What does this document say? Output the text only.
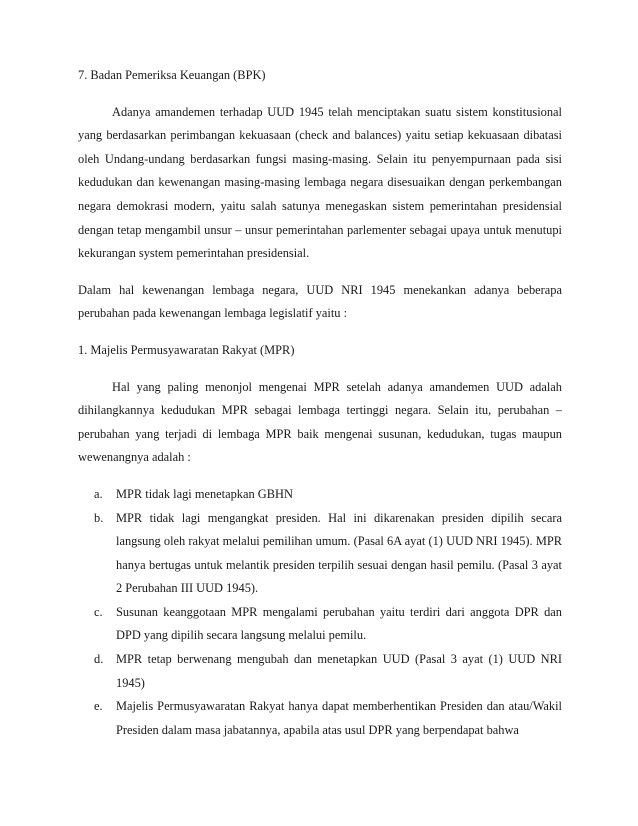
7. Badan Pemeriksa Keuangan (BPK)

Adanya amandemen terhadap UUD 1945 telah menciptakan suatu sistem konstitusional yang berdasarkan perimbangan kekuasaan (check and balances) yaitu setiap kekuasaan dibatasi oleh Undang-undang berdasarkan fungsi masing-masing. Selain itu penyempurnaan pada sisi kedudukan dan kewenangan masing-masing lembaga negara disesuaikan dengan perkembangan negara demokrasi modern, yaitu salah satunya menegaskan sistem pemerintahan presidensial dengan tetap mengambil unsur – unsur pemerintahan parlementer sebagai upaya untuk menutupi kekurangan system pemerintahan presidensial.

Dalam hal kewenangan lembaga negara, UUD NRI 1945 menekankan adanya beberapa perubahan pada kewenangan lembaga legislatif yaitu :

1. Majelis Permusyawaratan Rakyat (MPR)

Hal yang paling menonjol mengenai MPR setelah adanya amandemen UUD adalah dihilangkannya kedudukan MPR sebagai lembaga tertinggi negara. Selain itu, perubahan – perubahan yang terjadi di lembaga MPR baik mengenai susunan, kedudukan, tugas maupun wewenangnya adalah :

a. MPR tidak lagi menetapkan GBHN
b. MPR tidak lagi mengangkat presiden. Hal ini dikarenakan presiden dipilih secara langsung oleh rakyat melalui pemilihan umum. (Pasal 6A ayat (1) UUD NRI 1945). MPR hanya bertugas untuk melantik presiden terpilih sesuai dengan hasil pemilu. (Pasal 3 ayat 2 Perubahan III UUD 1945).
c. Susunan keanggotaan MPR mengalami perubahan yaitu terdiri dari anggota DPR dan DPD yang dipilih secara langsung melalui pemilu.
d. MPR tetap berwenang mengubah dan menetapkan UUD (Pasal 3 ayat (1) UUD NRI 1945)
e. Majelis Permusyawaratan Rakyat hanya dapat memberhentikan Presiden dan atau/Wakil Presiden dalam masa jabatannya, apabila atas usul DPR yang berpendapat bahwa
